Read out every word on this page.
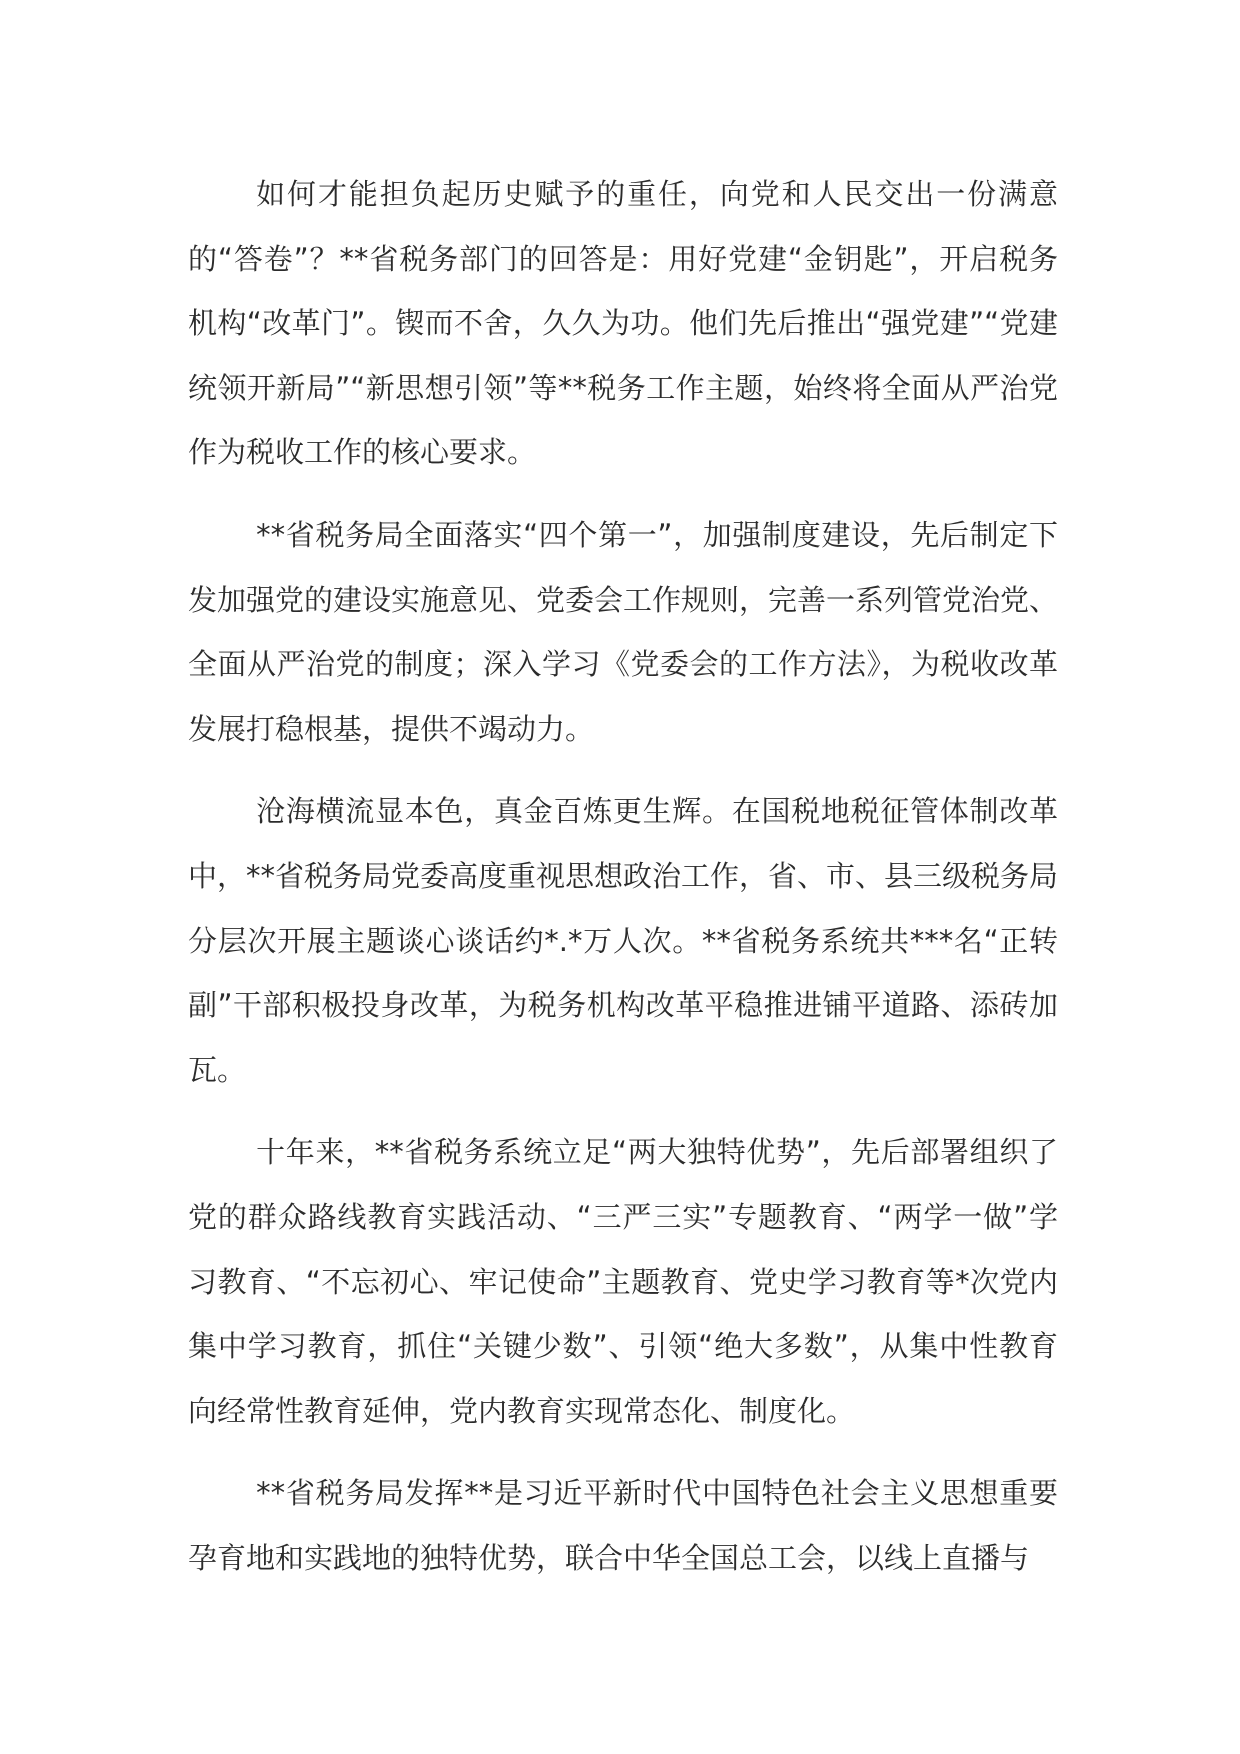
如何才能担负起历史赋予的重任，向党和人民交出一份满意的“答卷”？**省税务部门的回答是：用好党建“金钥匙”，开启税务机构“改革门”。锲而不舍，久久为功。他们先后推出“强党建”“党建统领开新局”“新思想引领”等**税务工作主题，始终将全面从严治党作为税收工作的核心要求。

**省税务局全面落实“四个第一”，加强制度建设，先后制定下发加强党的建设实施意见、党委会工作规则，完善一系列管党治党、全面从严治党的制度；深入学习《党委会的工作方法》，为税收改革发展打稳根基，提供不竭动力。

沧海横流显本色，真金百炼更生辉。在国税地税征管体制改革中，**省税务局党委高度重视思想政治工作，省、市、县三级税务局分层次开展主题谈心谈话约*.*万人次。**省税务系统共***名“正转副”干部积极投身改革，为税务机构改革平稳推进铺平道路、添砖加瓦。

十年来，**省税务系统立足“两大独特优势”，先后部署组织了党的群众路线教育实践活动、“三严三实”专题教育、“两学一做”学习教育、“不忘初心、牢记使命”主题教育、党史学习教育等*次党内集中学习教育，抓住“关键少数”、引领“绝大多数”，从集中性教育向经常性教育延伸，党内教育实现常态化、制度化。

**省税务局发挥**是习近平新时代中国特色社会主义思想重要孕育地和实践地的独特优势，联合中华全国总工会，以线上直播与
